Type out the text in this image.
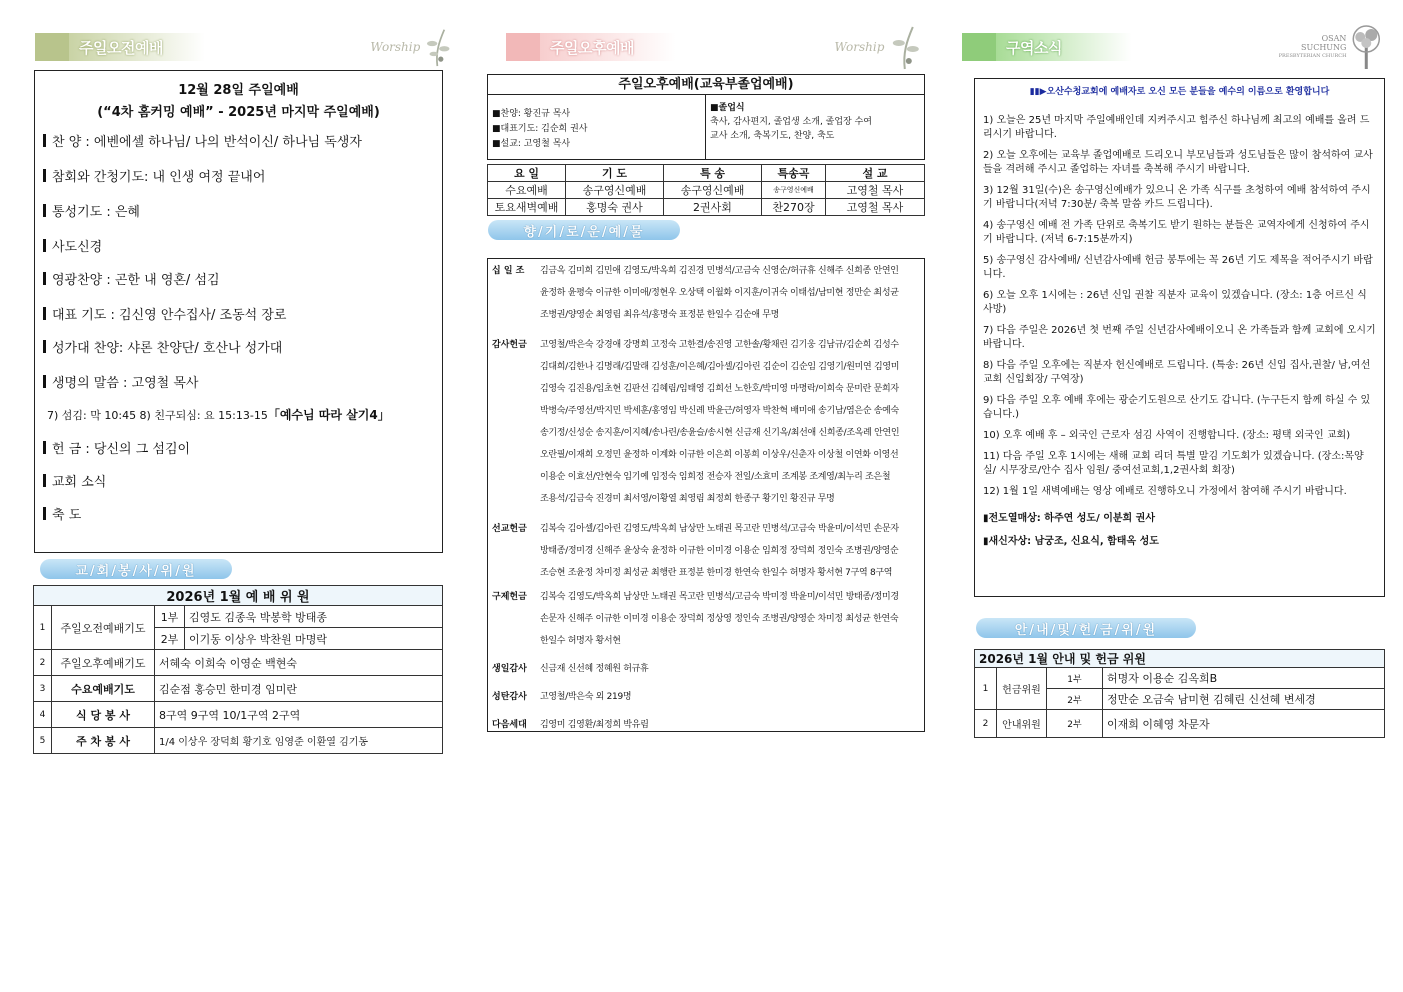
주일오전예배	Worship
12월 28일 주일예배
(“4차 홈커밍 예배” - 2025년 마지막 주일예배)
찬 양 : 에벤에셀 하나님/ 나의 반석이신/ 하나님 독생자
참회와 간청기도: 내 인생 여정 끝내어
통성기도 : 은혜
사도신경
영광찬양 : 곤한 내 영혼/ 섬김
대표 기도 : 김신영 안수집사/ 조동석 장로
성가대 찬양: 샤론 찬양단/ 호산나 성가대
생명의 말씀 : 고영철 목사
7) 섬김: 막 10:45 8) 친구되심: 요 15:13-15 「예수님 따라 살기4」
헌 금 : 당신의 그 섬김이
교회 소식
축 도
교/회/봉/사/위/원
2026년 1월 예 배 위 원			
1	주일오전예배기도	1부	김영도 김종욱 박봉학 방태종
		2부	이기동 이상우 박찬원 마명락
2	주일오후예배기도	서혜숙 이희숙 이영순 백현숙	
3	수요예배기도	김순점 홍승민 한미경 임미란	
4	식 당 봉 사	8구역 9구역 10/1구역 2구역	
5	주 차 봉 사	1/4 이상우 장덕희 황기호 임영준 이환열 김기동	
주일오후예배	Worship
주일오후예배(교육부졸업예배)
■찬양: 황진규 목사
■대표기도: 김순희 권사
■설교: 고영철 목사
■졸업식
축사, 감사편지, 졸업생 소개, 졸업장 수여
교사 소개, 축복기도, 찬양, 축도
요 일	기 도	특 송	특송곡	설 교
수요예배	송구영신예배	송구영신예배	송구영신예배	고영철 목사
토요새벽예배	홍명숙 권사	2권사회	찬270장	고영철 목사
향/기/로/운/예/물
십 일 조	김금옥 김미희 김민애 김영도/박옥희 김진경 민병석/고금숙 신영순/허규휴 신해주 신희종 안연인
윤정하 윤평숙 이규한 이미애/정현우 오상택 이월화 이지훈/이귀숙 이태섭/남미현 정만순 최성균
조병권/양영순 최영림 최유석/홍명숙 표정분 한일수 김순애 무명
감사헌금	고영철/박은숙 강경애 강명희 고정숙 고한결/송진영 고한솔/황채린 김기웅 김남규/김순희 김성수
김대희/김한나 김명래/김말래 김성훈/이은혜/김아셀/김아린 김순이 김순임 김영기/원미연 김영미
김영숙 김진용/임초현 김판선 김혜림/임태영 김희선 노한호/박미영 마명락/이희숙 문미란 문희자
박병숙/주영선/박지민 박세훈/홍영임 박신례 박윤근/허영자 박찬혁 배미애 송기남/염은순 송예숙
송기정/신성순 송지훈/이지혜/송나린/송윤슬/송시현 신금재 신기옥/최선애 신희종/조옥례 안연인
오란필/이재희 오정민 윤정하 이계화 이규한 이은희 이봉희 이상우/신춘자 이상철 이연화 이영선
이용순 이효선/안현숙 임기예 임정숙 임희정 전승자 전일/소효미 조계봉 조계영/최누리 조은철
조용석/김금숙 진경미 최서영/이황열 최영림 최정희 한종구 황기인 황진규 무명
선교헌금	김복숙 김아셀/김아린 김영도/박옥희 남상만 노태권 목고란 민병석/고금숙 박윤미/이석민 손문자
방태종/정미경 신해주 윤상숙 윤정하 이규한 이미경 이용순 임희정 장덕희 정인숙 조병권/양영순
조승현 조윤정 차미정 최성균 최행란 표정분 한미경 한연숙 한일수 허명자 황서현 7구역 8구역
구제헌금	김복숙 김영도/박옥희 남상만 노태권 목고란 민병석/고금숙 박미정 박윤미/이석민 방태종/정미경
손문자 신해주 이규한 이미경 이용순 장덕희 정상영 정인숙 조병권/양영순 차미정 최성균 한연숙
한일수 허명자 황서현
생일감사	신금재 신선혜 정혜원 허규휴
성탄감사	고영철/박은숙 외 219명
다음세대	김영미 김영환/최정희 박유림
구역소식
OSAN SUCHUNG
PRESBYTERIAN CHURCH
▮▮▶오산수청교회에 예배자로 오신 모든 분들을 예수의 이름으로 환영합니다
1) 오늘은 25년 마지막 주일예배인데 지켜주시고 힘주신 하나님께 최고의 예배를 올려 드리시기 바랍니다.
2) 오늘 오후에는 교육부 졸업예배로 드리오니 부모님들과 성도님들은 많이 참석하여 교사들을 격려해 주시고 졸업하는 자녀를 축복해 주시기 바랍니다.
3) 12월 31일(수)은 송구영신예배가 있으니 온 가족 식구를 초청하여 예배 참석하여 주시기 바랍니다(저녁 7:30분/ 축복 말씀 카드 드립니다).
4) 송구영신 예배 전 가족 단위로 축복기도 받기 원하는 분들은 교역자에게 신청하여 주시기 바랍니다. (저녁 6-7:15분까지)
5) 송구영신 감사예배/ 신년감사예배 헌금 봉투에는 꼭 26년 기도 제목을 적어주시기 바랍니다.
6) 오늘 오후 1시에는 : 26년 신입 권찰 직분자 교육이 있겠습니다. (장소: 1층 어르신 식사방)
7) 다음 주일은 2026년 첫 번째 주일 신년감사예배이오니 온 가족들과 함께 교회에 오시기 바랍니다.
8) 다음 주일 오후에는 직분자 헌신예배로 드립니다. (특송: 26년 신입 집사,권찰/ 남,여선교회 신입회장/ 구역장)
9) 다음 주일 오후 예배 후에는 광순기도원으로 산기도 갑니다. (누구든지 함께 하실 수 있습니다.)
10) 오후 예배 후 – 외국인 근로자 섬김 사역이 진행합니다. (장소: 평택 외국인 교회)
11) 다음 주일 오후 1시에는 새해 교회 리더 특별 말김 기도회가 있겠습니다. (장소:목양실/ 시무장로/안수 집사 임원/ 중여선교회,1,2권사회 회장)
12) 1월 1일 새벽예배는 영상 예배로 진행하오니 가정에서 참여해 주시기 바랍니다.
▮전도열매상: 하주연 성도/ 이분희 권사
▮새신자상: 남궁조, 신요식, 함태옥 성도
안/내/및/헌/금/위/원
2026년 1월 안내 및 헌금 위원			
1	헌금위원	1부	허명자 이용순 김옥희B
		2부	정만순 오금숙 남미현 김혜린 신선혜 변세경
2	안내위원	2부	이재희 이혜영 차문자
